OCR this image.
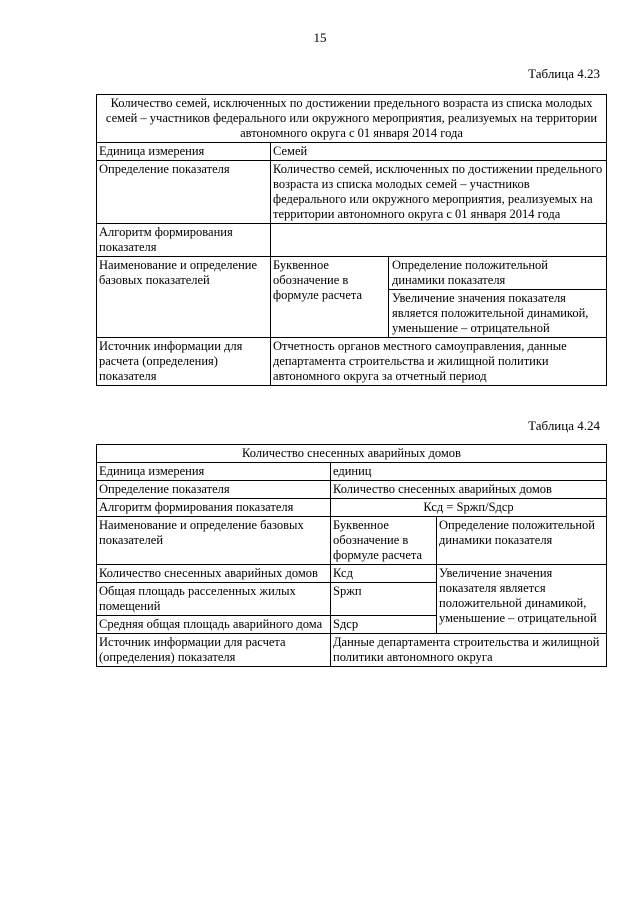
15
Таблица 4.23
Количество семей, исключенных по достижении предельного возраста из списка молодых семей – участников федерального или окружного мероприятия, реализуемых на территории автономного округа с 01 января 2014 года		
Единица измерения	Семей	
Определение показателя	Количество семей, исключенных по достижении предельного возраста из списка молодых семей – участников федерального или окружного мероприятия, реализуемых на территории автономного округа с 01 января 2014 года	
Алгоритм формирования показателя		
Наименование и определение базовых показателей	Буквенное обозначение в формуле расчета	Определение положительной динамики показателя
Увеличение значения показателя является положительной динамикой, уменьшение – отрицательной

Источник информации для расчета (определения) показателя	Отчетность органов местного самоуправления, данные департамента строительства и жилищной политики автономного округа за отчетный период	
Таблица 4.24
Количество снесенных аварийных домов		
Единица измерения	единиц	
Определение показателя	Количество снесенных аварийных домов	
Алгоритм формирования показателя	Ксд = Sржп/Sдср	
Наименование и определение базовых показателей	Буквенное обозначение в формуле расчета	Определение положительной динамики показателя
Количество снесенных аварийных домов	Ксд	Увеличение значения показателя является положительной динамикой, уменьшение – отрицательной
Общая площадь расселенных жилых помещений	Sржп	
Средняя общая площадь аварийного дома	Sдср	
Источник информации для расчета (определения) показателя	Данные департамента строительства и жилищной политики автономного округа	
